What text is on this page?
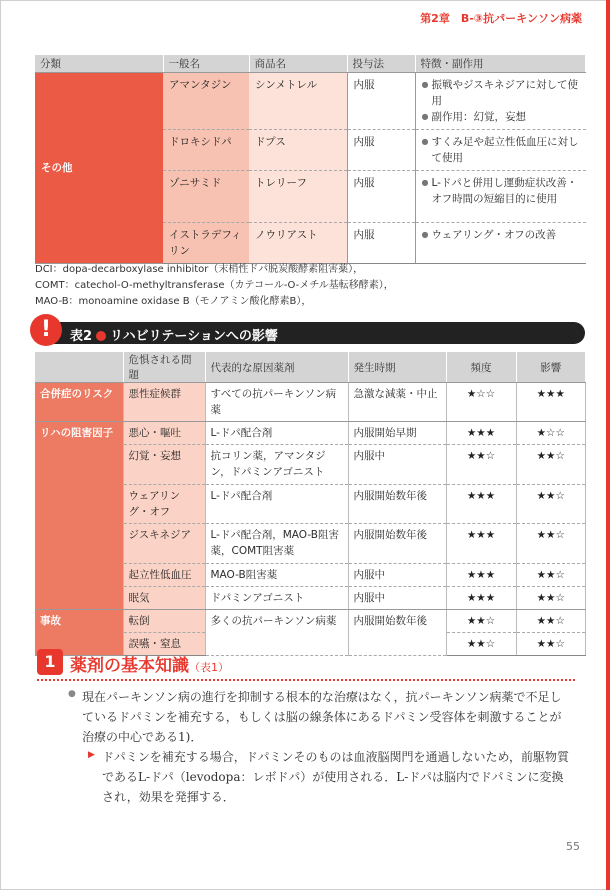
第2章　B-③抗パーキンソン病薬
分類	一般名	商品名	投与法	特徴・副作用
その他	アマンタジン	シンメトレル	内服	● 振戦やジスキネジアに対して使用
● 副作用：幻覚，妄想

	ドロキシドパ	ドプス	内服	● すくみ足や起立性低血圧に対して使用

	ゾニサミド	トレリーフ	内服	● L-ドパと併用し運動症状改善・オフ時間の短縮目的に使用

	イストラデフィリン	ノウリアスト	内服	● ウェアリング・オフの改善
DCI：dopa-decarboxylase inhibitor（末梢性ドパ脱炭酸酵素阻害薬），
COMT：catechol-O-methyltransferase（カテコール-O-メチル基転移酵素），
MAO-B：monoamine oxidase B（モノアミン酸化酵素B），
表2 リハビリテーションへの影響
!
	危惧される問題	代表的な原因薬剤	発生時期	頻度	影響
合併症のリスク	悪性症候群	すべての抗パーキンソン病薬	急激な減薬・中止	★☆☆	★★★
リハの阻害因子	悪心・嘔吐	L-ドパ配合剤	内服開始早期	★★★	★☆☆
	幻覚・妄想	抗コリン薬，アマンタジン，ドパミンアゴニスト	内服中	★★☆	★★☆
	ウェアリング・オフ	L-ドパ配合剤	内服開始数年後	★★★	★★☆
	ジスキネジア	L-ドパ配合剤，MAO-B阻害薬，COMT阻害薬	内服開始数年後	★★★	★★☆
	起立性低血圧	MAO-B阻害薬	内服中	★★★	★★☆
	眠気	ドパミンアゴニスト	内服中	★★★	★★☆
事故	転倒	多くの抗パーキンソン病薬	内服開始数年後	★★☆	★★☆
	誤嚥・窒息			★★☆	★★☆
1 薬剤の基本知識（表1）
● 現在パーキンソン病の進行を抑制する根本的な治療はなく，抗パーキンソン病薬で不足しているドパミンを補充する，もしくは脳の線条体にあるドパミン受容体を刺激することが治療の中心である1)．
▶ ドパミンを補充する場合，ドパミンそのものは血液脳関門を通過しないため，前駆物質であるL-ドパ（levodopa：レボドパ）が使用される．L-ドパは脳内でドパミンに変換され，効果を発揮する．
55
